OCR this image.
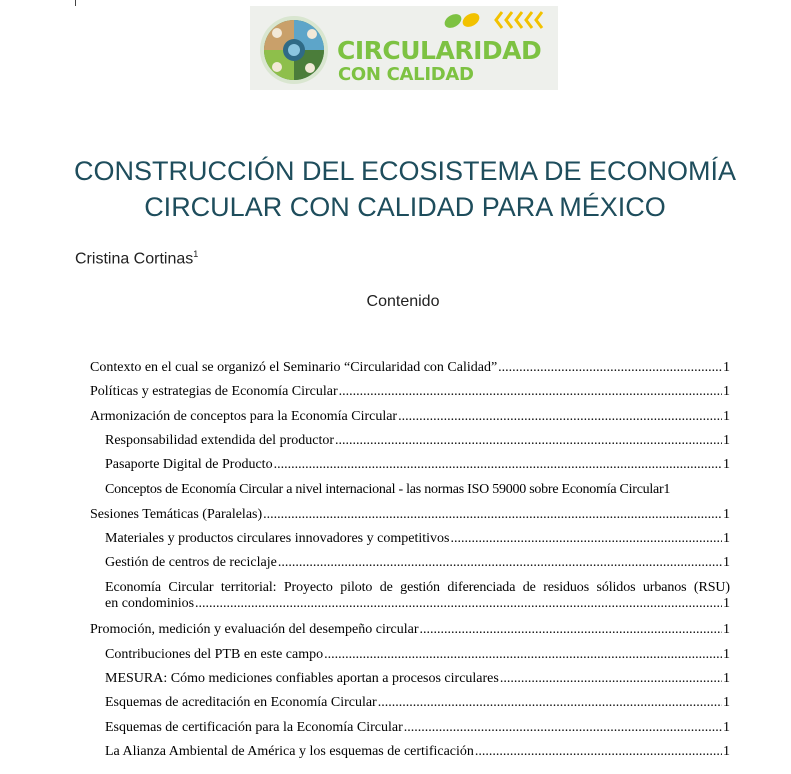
CIRCULARIDAD
CON CALIDAD
CONSTRUCCIÓN DEL ECOSISTEMA DE ECONOMÍA
CIRCULAR CON CALIDAD PARA MÉXICO
Cristina Cortinas$^1$
Contenido
Contexto en el cual se organizó el Seminario “Circularidad con Calidad” .....	1
Políticas y estrategias de Economía Circular .....	1
Armonización de conceptos para la Economía Circular .....	1
Responsabilidad extendida del productor .....	1
Pasaporte Digital de Producto .....	1
Conceptos de Economía Circular a nivel internacional - las normas ISO 59000 sobre Economía Circular 1
Sesiones Temáticas (Paralelas) .....	1
Materiales y productos circulares innovadores y competitivos .....	1
Gestión de centros de reciclaje .....	1
Economía Circular territorial: Proyecto piloto de gestión diferenciada de residuos sólidos urbanos (RSU)
en condominios .....	1
Promoción, medición y evaluación del desempeño circular .....	1
Contribuciones del PTB en este campo .....	1
MESURA: Cómo mediciones confiables aportan a procesos circulares .....	1
Esquemas de acreditación en Economía Circular .....	1
Esquemas de certificación para la Economía Circular .....	1
La Alianza Ambiental de América y los esquemas de certificación .....	1
